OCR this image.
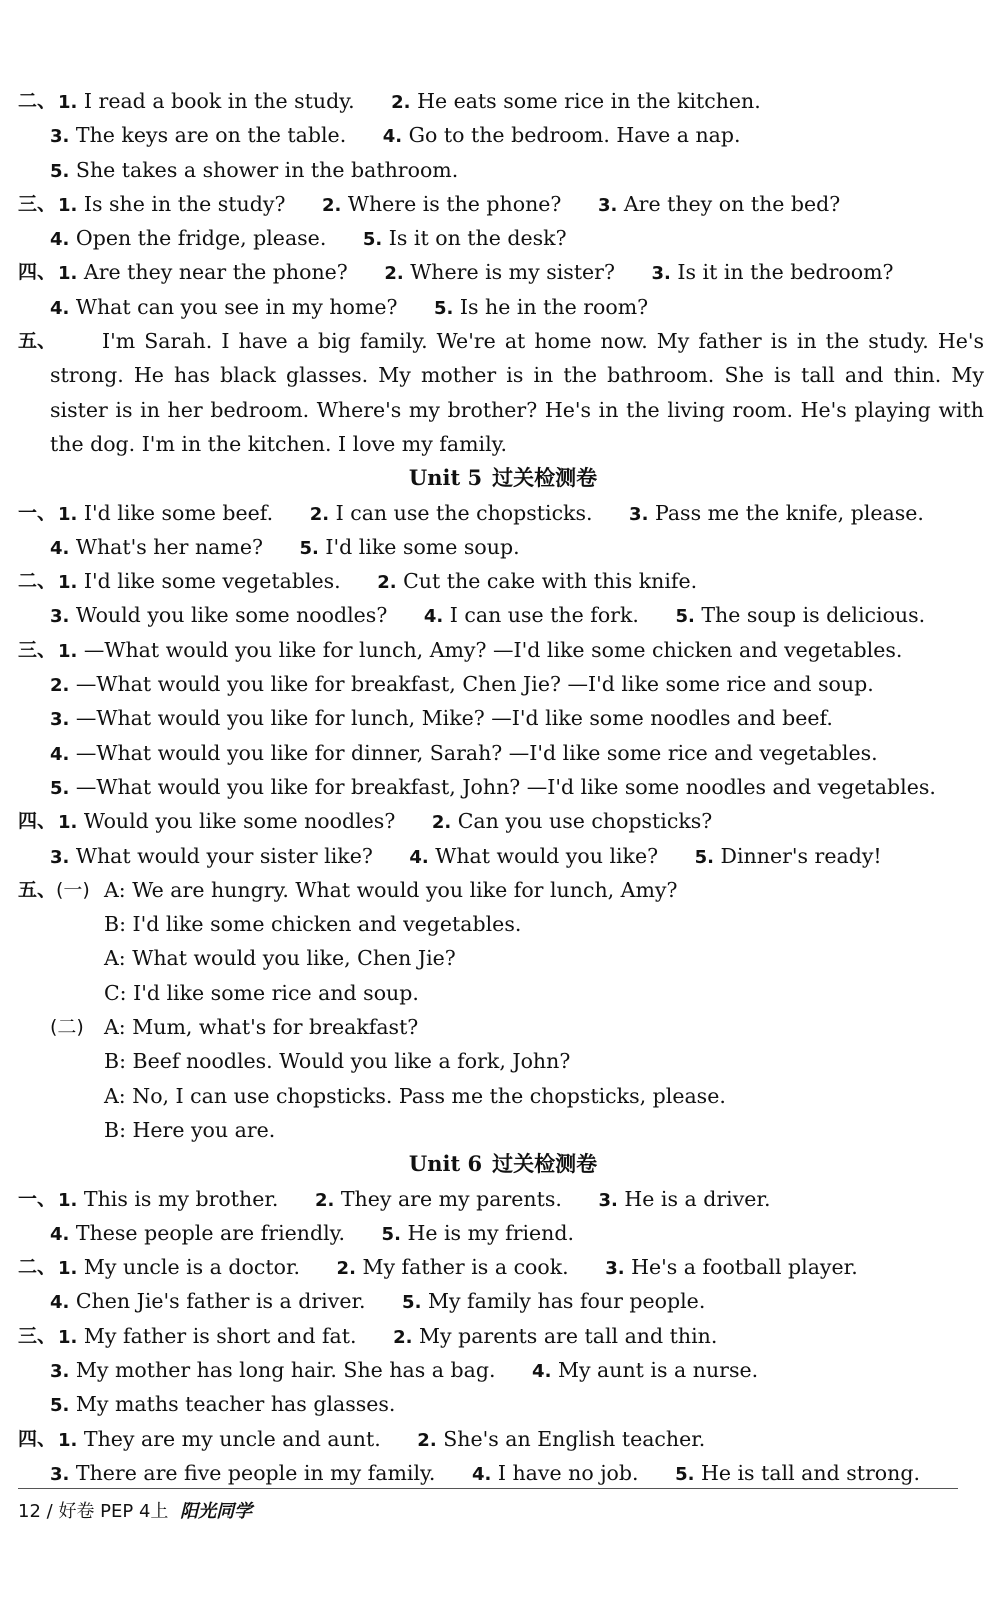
二、 1. I read a book in the study. 2. He eats some rice in the kitchen.
3. The keys are on the table. 4. Go to the bedroom. Have a nap.
5. She takes a shower in the bathroom.
三、 1. Is she in the study? 2. Where is the phone? 3. Are they on the bed?
4. Open the fridge, please. 5. Is it on the desk?
四、 1. Are they near the phone? 2. Where is my sister? 3. Is it in the bedroom?
4. What can you see in my home? 5. Is he in the room?
五、 I'm Sarah. I have a big family. We're at home now. My father is in the study. He's strong. He has black glasses. My mother is in the bathroom. She is tall and thin. My sister is in her bedroom. Where's my brother? He's in the living room. He's playing with the dog. I'm in the kitchen. I love my family.
Unit 5 过关检测卷
一、 1. I'd like some beef. 2. I can use the chopsticks. 3. Pass me the knife, please.
4. What's her name? 5. I'd like some soup.
二、 1. I'd like some vegetables. 2. Cut the cake with this knife.
3. Would you like some noodles? 4. I can use the fork. 5. The soup is delicious.
三、 1. —What would you like for lunch, Amy? —I'd like some chicken and vegetables.
2. —What would you like for breakfast, Chen Jie? —I'd like some rice and soup.
3. —What would you like for lunch, Mike? —I'd like some noodles and beef.
4. —What would you like for dinner, Sarah? —I'd like some rice and vegetables.
5. —What would you like for breakfast, John? —I'd like some noodles and vegetables.
四、 1. Would you like some noodles? 2. Can you use chopsticks?
3. What would your sister like? 4. What would you like? 5. Dinner's ready!
五、(一) A: We are hungry. What would you like for lunch, Amy?
B: I'd like some chicken and vegetables.
A: What would you like, Chen Jie?
C: I'd like some rice and soup.
(二) A: Mum, what's for breakfast?
B: Beef noodles. Would you like a fork, John?
A: No, I can use chopsticks. Pass me the chopsticks, please.
B: Here you are.
Unit 6 过关检测卷
一、 1. This is my brother. 2. They are my parents. 3. He is a driver.
4. These people are friendly. 5. He is my friend.
二、 1. My uncle is a doctor. 2. My father is a cook. 3. He's a football player.
4. Chen Jie's father is a driver. 5. My family has four people.
三、 1. My father is short and fat. 2. My parents are tall and thin.
3. My mother has long hair. She has a bag. 4. My aunt is a nurse.
5. My maths teacher has glasses.
四、 1. They are my uncle and aunt. 2. She's an English teacher.
3. There are five people in my family. 4. I have no job. 5. He is tall and strong.
12 / 好卷 PEP 4上 阳光同学
